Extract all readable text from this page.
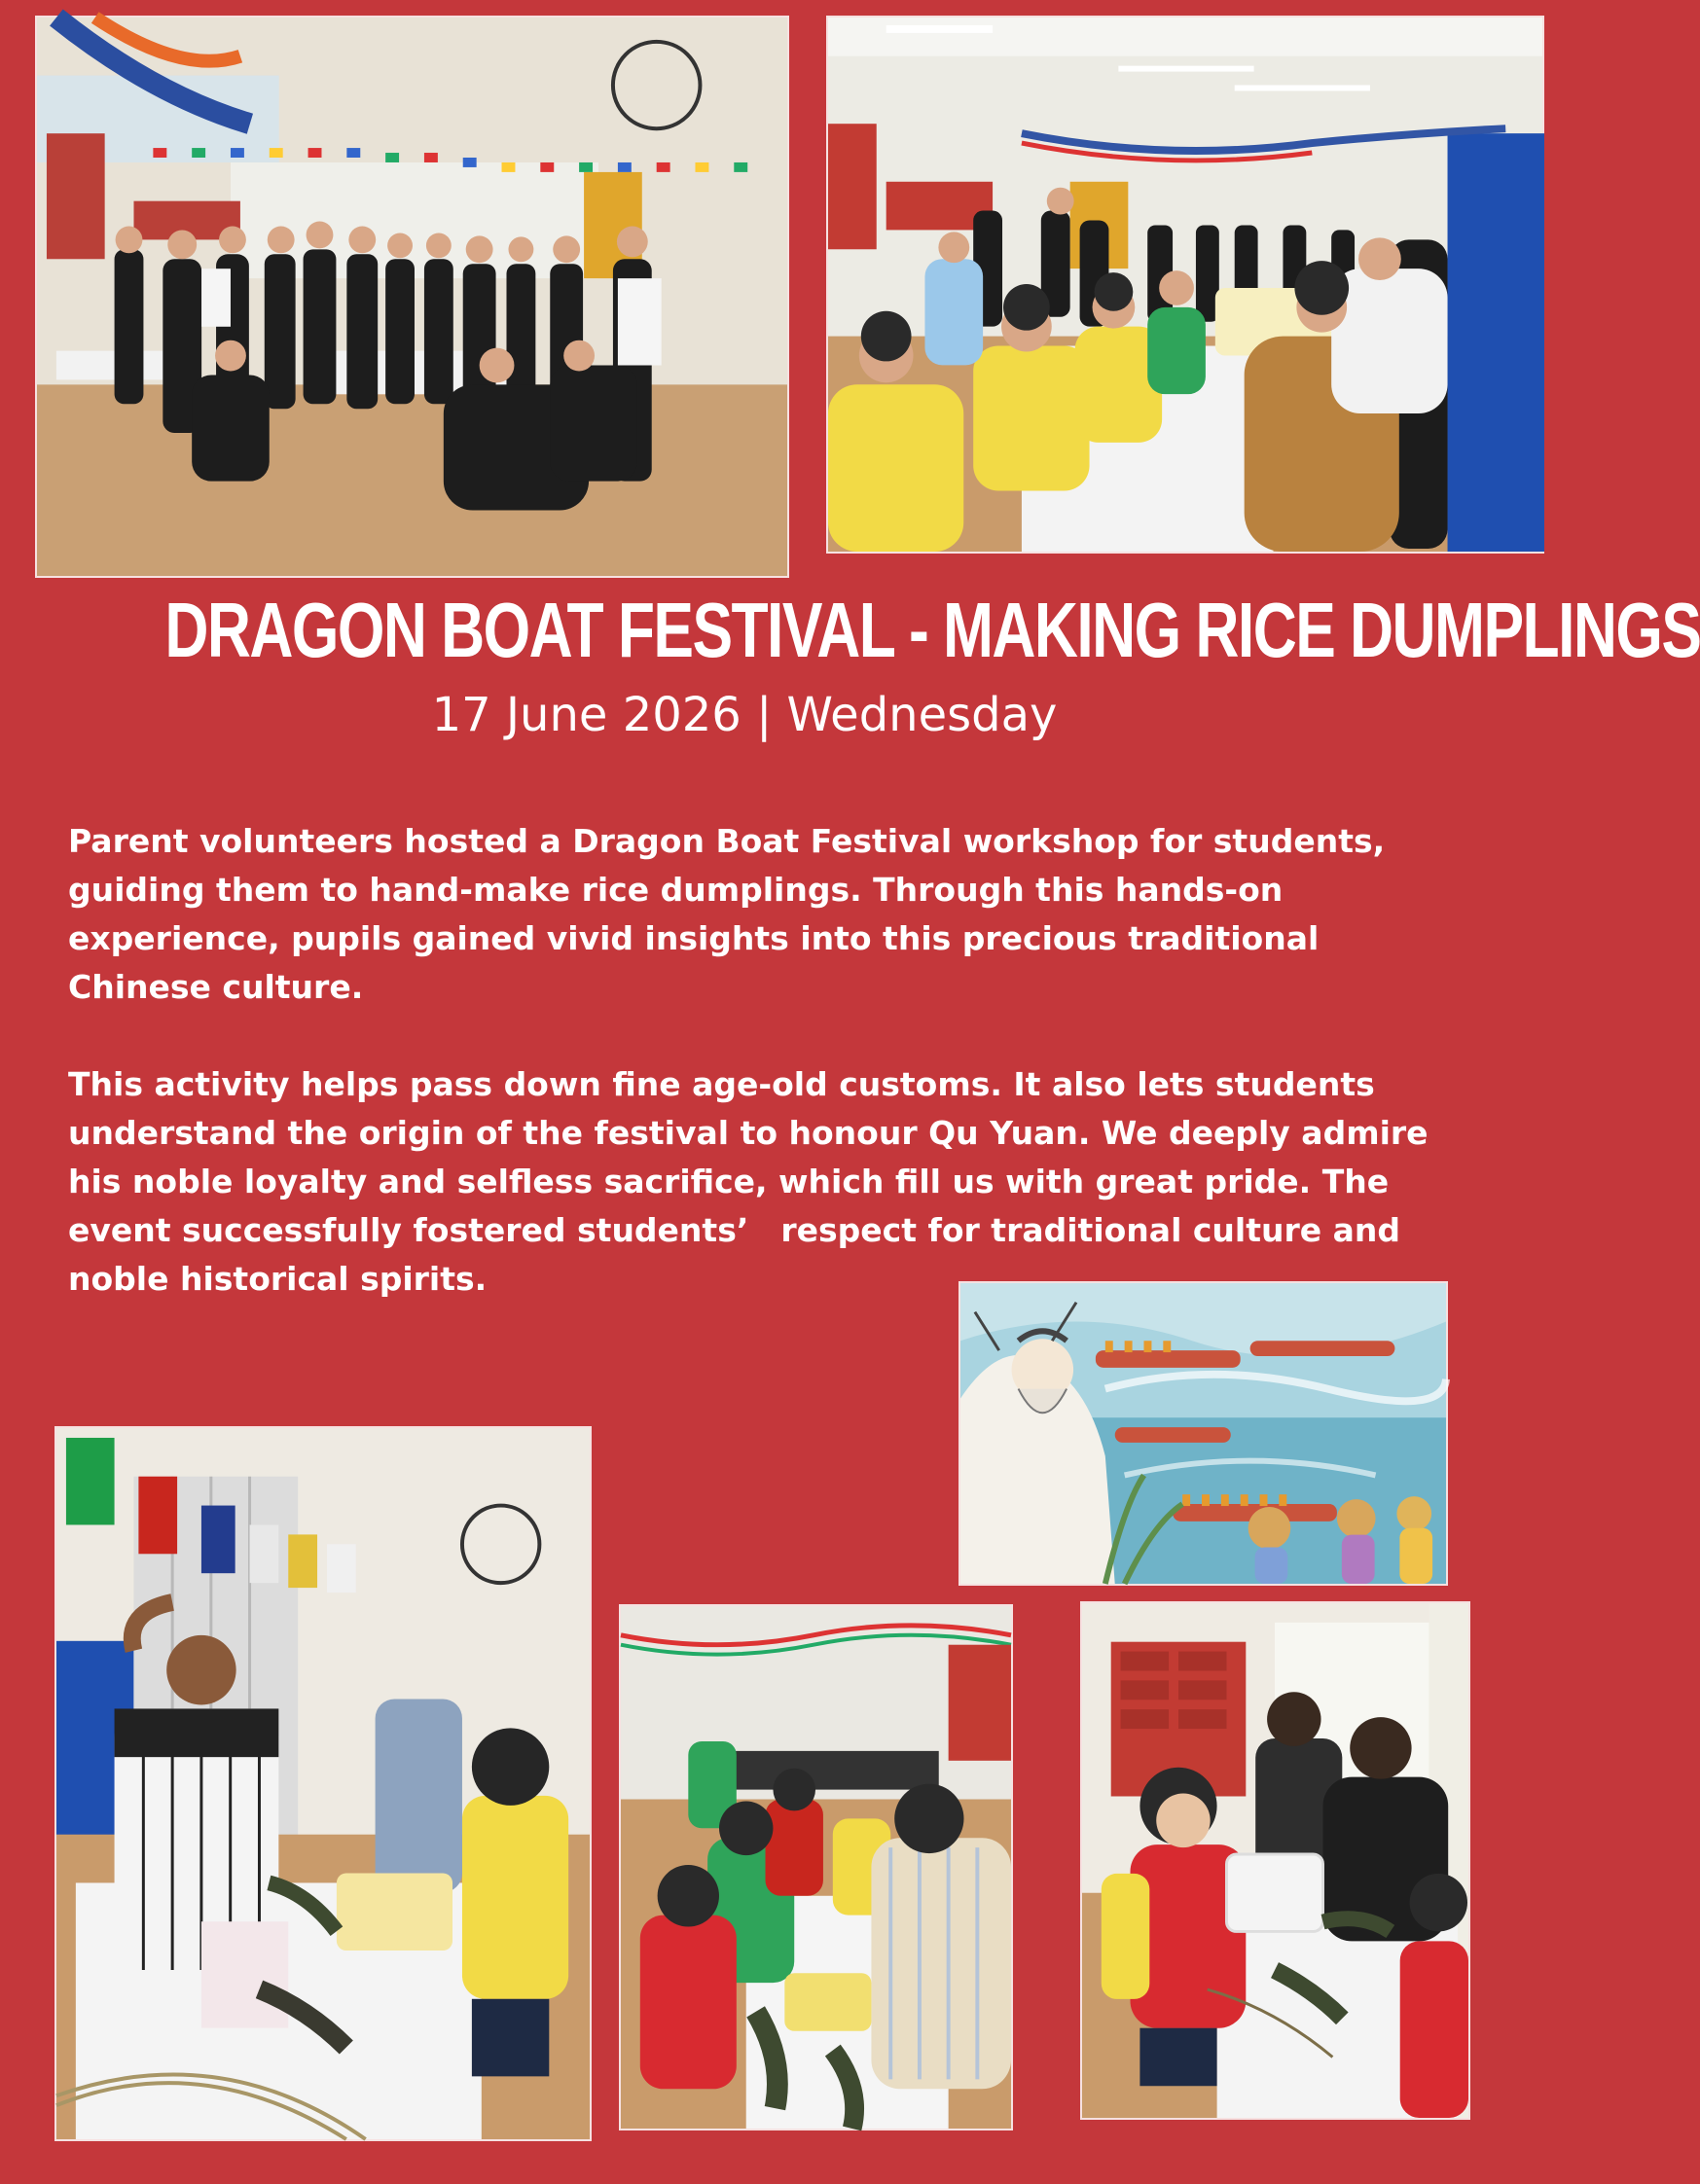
DRAGON BOAT FESTIVAL - MAKING RICE DUMPLINGS
17 June 2026 | Wednesday
Parent volunteers hosted a Dragon Boat Festival workshop for students, guiding them to hand-make rice dumplings. Through this hands-on experience, pupils gained vivid insights into this precious traditional Chinese culture.
This activity helps pass down fine age-old customs. It also lets students understand the origin of the festival to honour Qu Yuan. We deeply admire his noble loyalty and selfless sacrifice, which fill us with great pride. The event successfully fostered students’　respect for traditional culture and noble historical spirits.
